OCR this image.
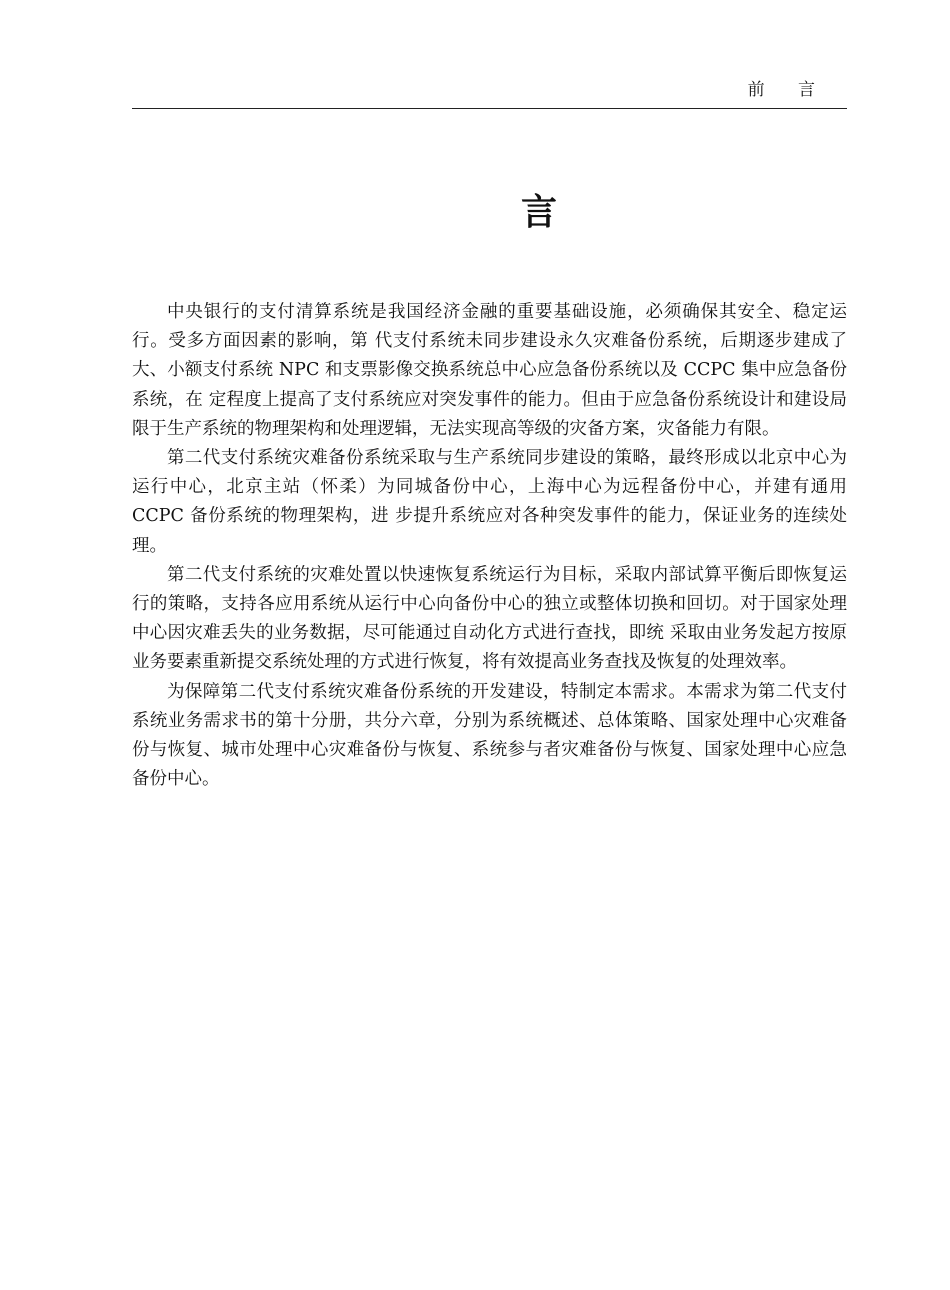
前 言
言

中央银行的支付清算系统是我国经济金融的重要基础设施，必须确保其安全、稳定运行。受多方面因素的影响，第 代支付系统未同步建设永久灾难备份系统，后期逐步建成了大、小额支付系统 NPC 和支票影像交换系统总中心应急备份系统以及 CCPC 集中应急备份系统，在 定程度上提高了支付系统应对突发事件的能力。但由于应急备份系统设计和建设局限于生产系统的物理架构和处理逻辑，无法实现高等级的灾备方案，灾备能力有限。

第二代支付系统灾难备份系统采取与生产系统同步建设的策略，最终形成以北京中心为运行中心，北京主站（怀柔）为同城备份中心，上海中心为远程备份中心，并建有通用 CCPC 备份系统的物理架构，进 步提升系统应对各种突发事件的能力，保证业务的连续处理。

第二代支付系统的灾难处置以快速恢复系统运行为目标，采取内部试算平衡后即恢复运行的策略，支持各应用系统从运行中心向备份中心的独立或整体切换和回切。对于国家处理中心因灾难丢失的业务数据，尽可能通过自动化方式进行查找，即统 采取由业务发起方按原业务要素重新提交系统处理的方式进行恢复，将有效提高业务查找及恢复的处理效率。

为保障第二代支付系统灾难备份系统的开发建设，特制定本需求。本需求为第二代支付系统业务需求书的第十分册，共分六章，分别为系统概述、总体策略、国家处理中心灾难备份与恢复、城市处理中心灾难备份与恢复、系统参与者灾难备份与恢复、国家处理中心应急备份中心。
